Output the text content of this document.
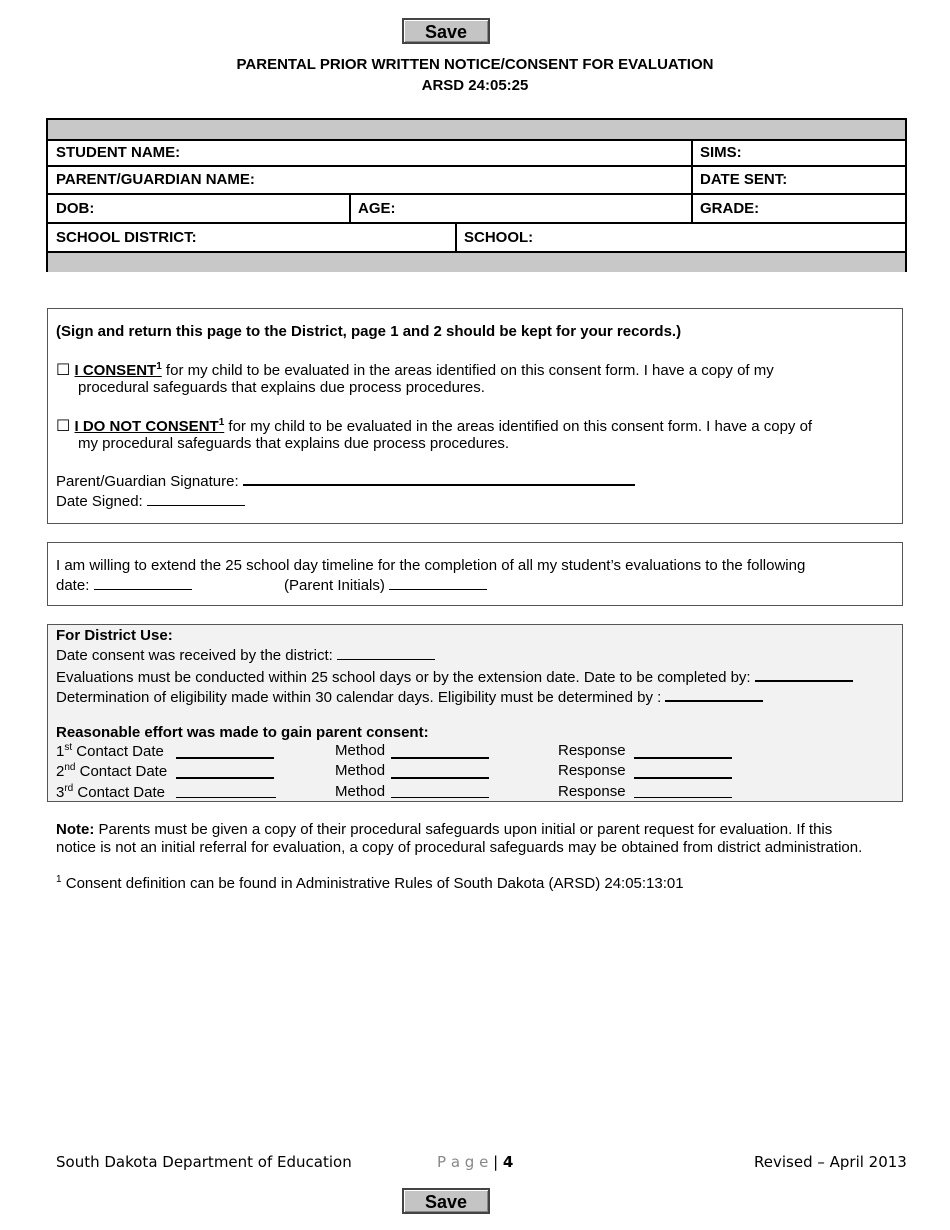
Save
PARENTAL PRIOR WRITTEN NOTICE/CONSENT FOR EVALUATION
ARSD 24:05:25
STUDENT NAME:	SIMS:
PARENT/GUARDIAN NAME:	DATE SENT:
DOB:	AGE:	GRADE:
SCHOOL DISTRICT:	SCHOOL:
(Sign and return this page to the District, page 1 and 2 should be kept for your records.)
☐ I CONSENT$^1$ for my child to be evaluated in the areas identified on this consent form. I have a copy of my
procedural safeguards that explains due process procedures.
☐ I DO NOT CONSENT$^1$ for my child to be evaluated in the areas identified on this consent form. I have a copy of
my procedural safeguards that explains due process procedures.
Parent/Guardian Signature:
Date Signed:
I am willing to extend the 25 school day timeline for the completion of all my student’s evaluations to the following
date:	(Parent Initials)
For District Use:
Date consent was received by the district:
Evaluations must be conducted within 25 school days or by the extension date. Date to be completed by:
Determination of eligibility made within 30 calendar days. Eligibility must be determined by :
Reasonable effort was made to gain parent consent:
1st Contact Date	Method	Response
2nd Contact Date	Method	Response
3rd Contact Date	Method	Response
Note: Parents must be given a copy of their procedural safeguards upon initial or parent request for evaluation. If this
notice is not an initial referral for evaluation, a copy of procedural safeguards may be obtained from district administration.
$^1$ Consent definition can be found in Administrative Rules of South Dakota (ARSD) 24:05:13:01
South Dakota Department of Education	P a g e | 4	Revised – April 2013
Save
